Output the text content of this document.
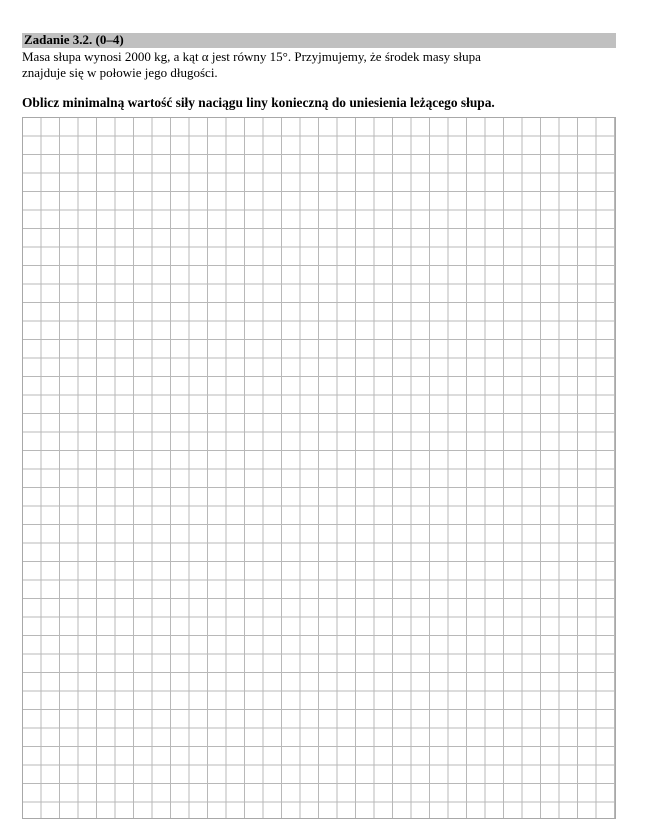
Zadanie 3.2. (0–4)

Masa słupa wynosi 2000 kg, a kąt α jest równy 15°. Przyjmujemy, że środek masy słupa

znajduje się w połowie jego długości.

Oblicz minimalną wartość siły naciągu liny konieczną do uniesienia leżącego słupa.
